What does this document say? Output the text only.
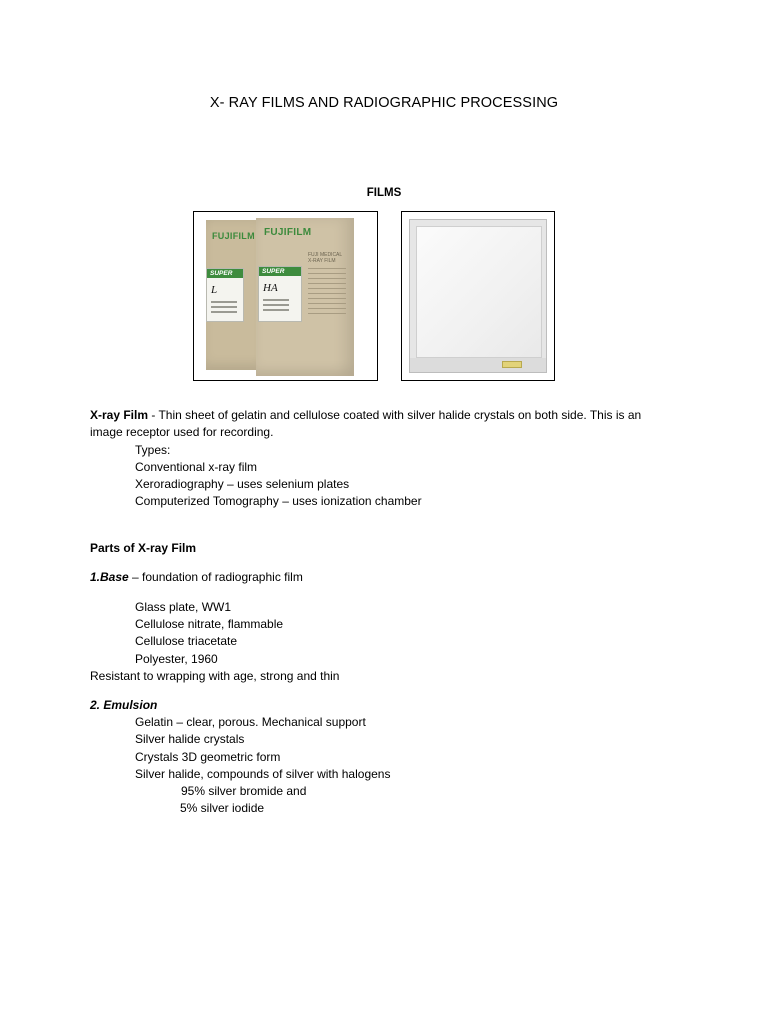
X- RAY FILMS AND RADIOGRAPHIC PROCESSING
FILMS
FUJIFILM
SUPER
L
FUJIFILM
FUJI MEDICAL X-RAY FILM
SUPER
HA
X-ray Film - Thin sheet of gelatin and cellulose coated with silver halide crystals on both side. This is an
image receptor used for recording.
Types:
Conventional x-ray film
Xeroradiography – uses selenium plates
Computerized Tomography – uses ionization chamber
Parts of X-ray Film
1.Base – foundation of radiographic film
Glass plate, WW1
Cellulose nitrate, flammable
Cellulose triacetate
Polyester, 1960
Resistant to wrapping with age, strong and thin
2. Emulsion
Gelatin – clear, porous. Mechanical support
Silver halide crystals
Crystals 3D geometric form
Silver halide, compounds of silver with halogens
95% silver bromide and
5% silver iodide
